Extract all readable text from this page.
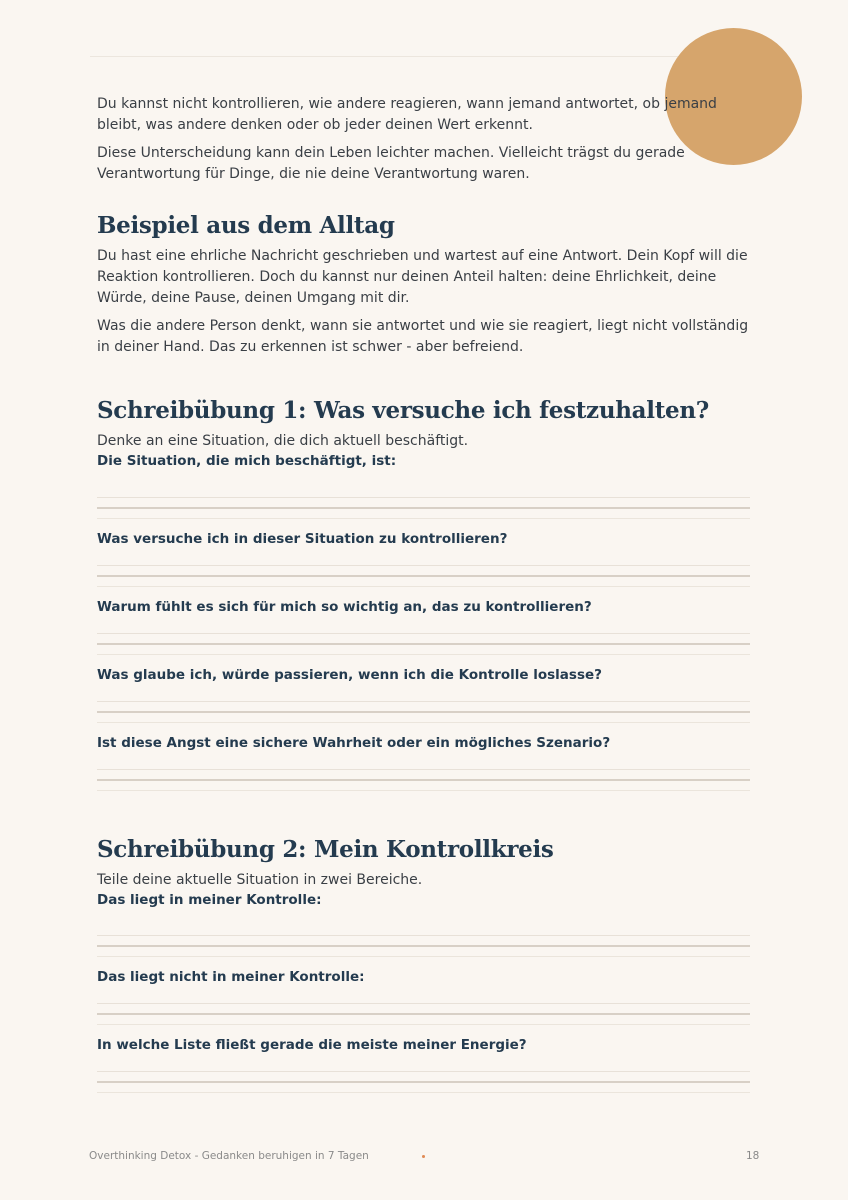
Du kannst nicht kontrollieren, wie andere reagieren, wann jemand antwortet, ob jemand bleibt, was andere denken oder ob jeder deinen Wert erkennt.

Diese Unterscheidung kann dein Leben leichter machen. Vielleicht trägst du gerade Verantwortung für Dinge, die nie deine Verantwortung waren.

Beispiel aus dem Alltag

Du hast eine ehrliche Nachricht geschrieben und wartest auf eine Antwort. Dein Kopf will die Reaktion kontrollieren. Doch du kannst nur deinen Anteil halten: deine Ehrlichkeit, deine Würde, deine Pause, deinen Umgang mit dir.

Was die andere Person denkt, wann sie antwortet und wie sie reagiert, liegt nicht vollständig in deiner Hand. Das zu erkennen ist schwer - aber befreiend.

Schreibübung 1: Was versuche ich festzuhalten?
Denke an eine Situation, die dich aktuell beschäftigt.
Die Situation, die mich beschäftigt, ist:
Was versuche ich in dieser Situation zu kontrollieren?
Warum fühlt es sich für mich so wichtig an, das zu kontrollieren?
Was glaube ich, würde passieren, wenn ich die Kontrolle loslasse?
Ist diese Angst eine sichere Wahrheit oder ein mögliches Szenario?
Schreibübung 2: Mein Kontrollkreis
Teile deine aktuelle Situation in zwei Bereiche.
Das liegt in meiner Kontrolle:
Das liegt nicht in meiner Kontrolle:
In welche Liste fließt gerade die meiste meiner Energie?
Overthinking Detox - Gedanken beruhigen in 7 Tagen	18
